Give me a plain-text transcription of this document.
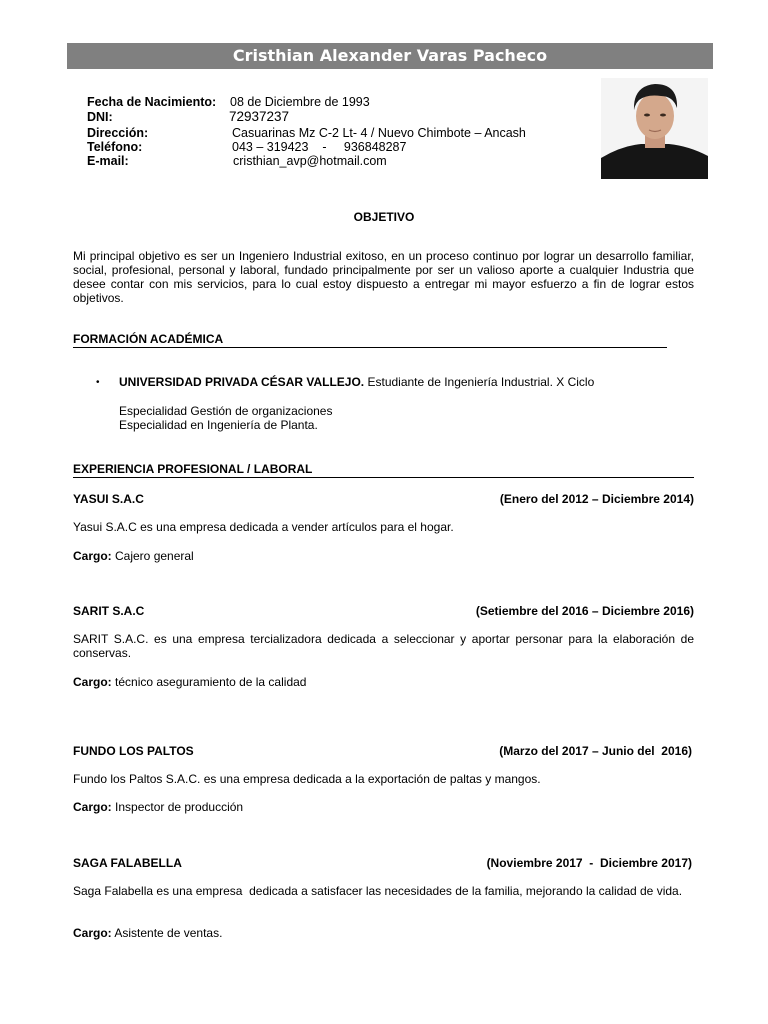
Cristhian Alexander Varas Pacheco
Fecha de Nacimiento: 08 de Diciembre de 1993
DNI:	72937237
Dirección:	Casuarinas Mz C-2 Lt- 4 / Nuevo Chimbote – Ancash
Teléfono:	043 – 319423    -     936848287
E-mail:	cristhian_avp@hotmail.com
OBJETIVO
Mi principal objetivo es ser un Ingeniero Industrial exitoso, en un proceso continuo por lograr un desarrollo familiar, social, profesional, personal y laboral, fundado principalmente por ser un valioso aporte a cualquier Industria que desee contar con mis servicios, para lo cual estoy dispuesto a entregar mi mayor esfuerzo a fin de lograr estos objetivos.
FORMACIÓN ACADÉMICA
• UNIVERSIDAD PRIVADA CÉSAR VALLEJO. Estudiante de Ingeniería Industrial. X Ciclo
Especialidad Gestión de organizaciones
Especialidad en Ingeniería de Planta.
EXPERIENCIA PROFESIONAL / LABORAL
YASUI S.A.C	(Enero del 2012 – Diciembre 2014)
Yasui S.A.C es una empresa dedicada a vender artículos para el hogar.
Cargo: Cajero general
SARIT S.A.C	(Setiembre del 2016 – Diciembre 2016)
SARIT S.A.C. es una empresa tercializadora dedicada a seleccionar y aportar personar para la elaboración de conservas.
Cargo: técnico aseguramiento de la calidad
FUNDO LOS PALTOS	(Marzo del 2017 – Junio del  2016)
Fundo los Paltos S.A.C. es una empresa dedicada a la exportación de paltas y mangos.
Cargo: Inspector de producción
SAGA FALABELLA	(Noviembre 2017  -  Diciembre 2017)
Saga Falabella es una empresa  dedicada a satisfacer las necesidades de la familia, mejorando la calidad de vida.
Cargo: Asistente de ventas.
